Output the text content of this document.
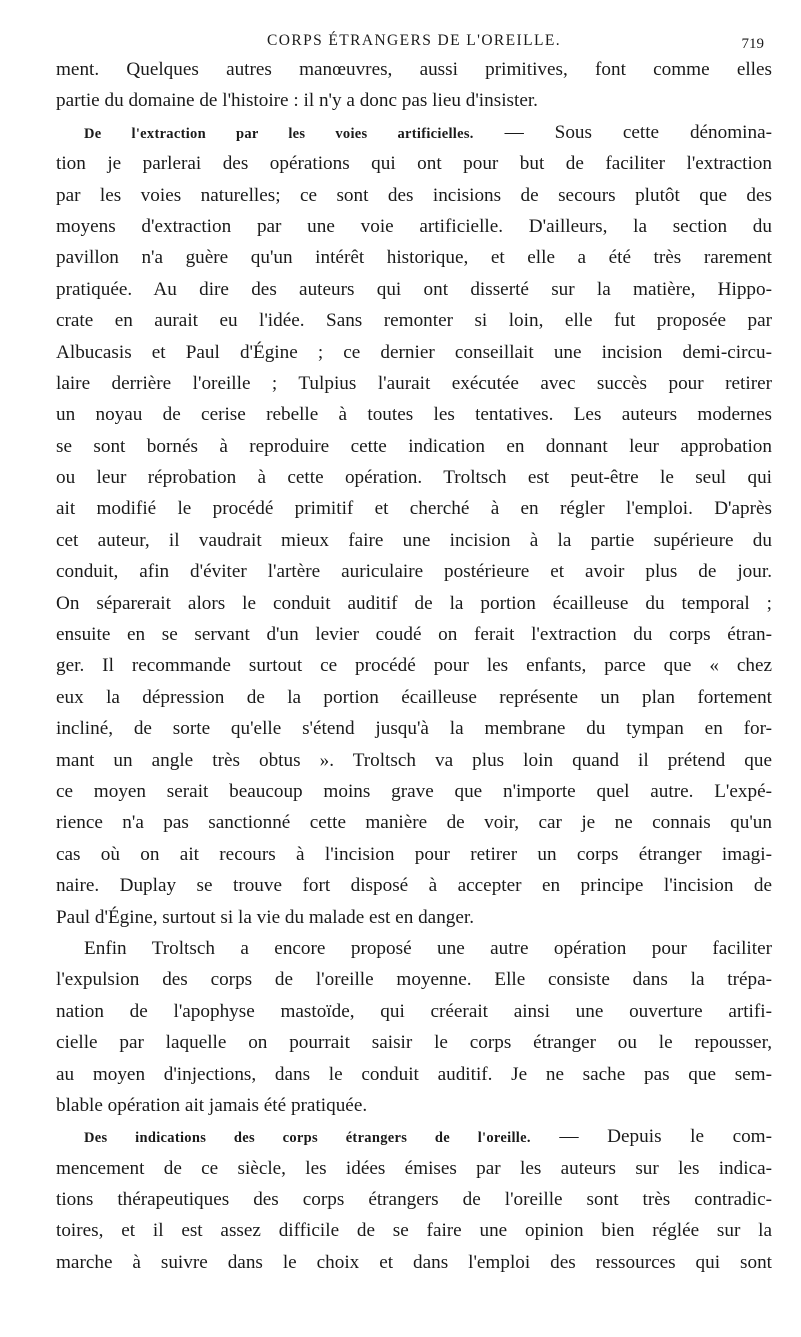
CORPS ÉTRANGERS DE L'OREILLE.	719
ment. Quelques autres manœuvres, aussi primitives, font comme elles
partie du domaine de l'histoire : il n'y a donc pas lieu d'insister.
De l'extraction par les voies artificielles. — Sous cette dénomina-
tion je parlerai des opérations qui ont pour but de faciliter l'extraction
par les voies naturelles; ce sont des incisions de secours plutôt que des
moyens d'extraction par une voie artificielle. D'ailleurs, la section du
pavillon n'a guère qu'un intérêt historique, et elle a été très rarement
pratiquée. Au dire des auteurs qui ont disserté sur la matière, Hippo-
crate en aurait eu l'idée. Sans remonter si loin, elle fut proposée par
Albucasis et Paul d'Égine ; ce dernier conseillait une incision demi-circu-
laire derrière l'oreille ; Tulpius l'aurait exécutée avec succès pour retirer
un noyau de cerise rebelle à toutes les tentatives. Les auteurs modernes
se sont bornés à reproduire cette indication en donnant leur approbation
ou leur réprobation à cette opération. Troltsch est peut-être le seul qui
ait modifié le procédé primitif et cherché à en régler l'emploi. D'après
cet auteur, il vaudrait mieux faire une incision à la partie supérieure du
conduit, afin d'éviter l'artère auriculaire postérieure et avoir plus de jour.
On séparerait alors le conduit auditif de la portion écailleuse du temporal ;
ensuite en se servant d'un levier coudé on ferait l'extraction du corps étran-
ger. Il recommande surtout ce procédé pour les enfants, parce que « chez
eux la dépression de la portion écailleuse représente un plan fortement
incliné, de sorte qu'elle s'étend jusqu'à la membrane du tympan en for-
mant un angle très obtus ». Troltsch va plus loin quand il prétend que
ce moyen serait beaucoup moins grave que n'importe quel autre. L'expé-
rience n'a pas sanctionné cette manière de voir, car je ne connais qu'un
cas où on ait recours à l'incision pour retirer un corps étranger imagi-
naire. Duplay se trouve fort disposé à accepter en principe l'incision de
Paul d'Égine, surtout si la vie du malade est en danger.
Enfin Troltsch a encore proposé une autre opération pour faciliter
l'expulsion des corps de l'oreille moyenne. Elle consiste dans la trépa-
nation de l'apophyse mastoïde, qui créerait ainsi une ouverture artifi-
cielle par laquelle on pourrait saisir le corps étranger ou le repousser,
au moyen d'injections, dans le conduit auditif. Je ne sache pas que sem-
blable opération ait jamais été pratiquée.
Des indications des corps étrangers de l'oreille. — Depuis le com-
mencement de ce siècle, les idées émises par les auteurs sur les indica-
tions thérapeutiques des corps étrangers de l'oreille sont très contradic-
toires, et il est assez difficile de se faire une opinion bien réglée sur la
marche à suivre dans le choix et dans l'emploi des ressources qui sont
